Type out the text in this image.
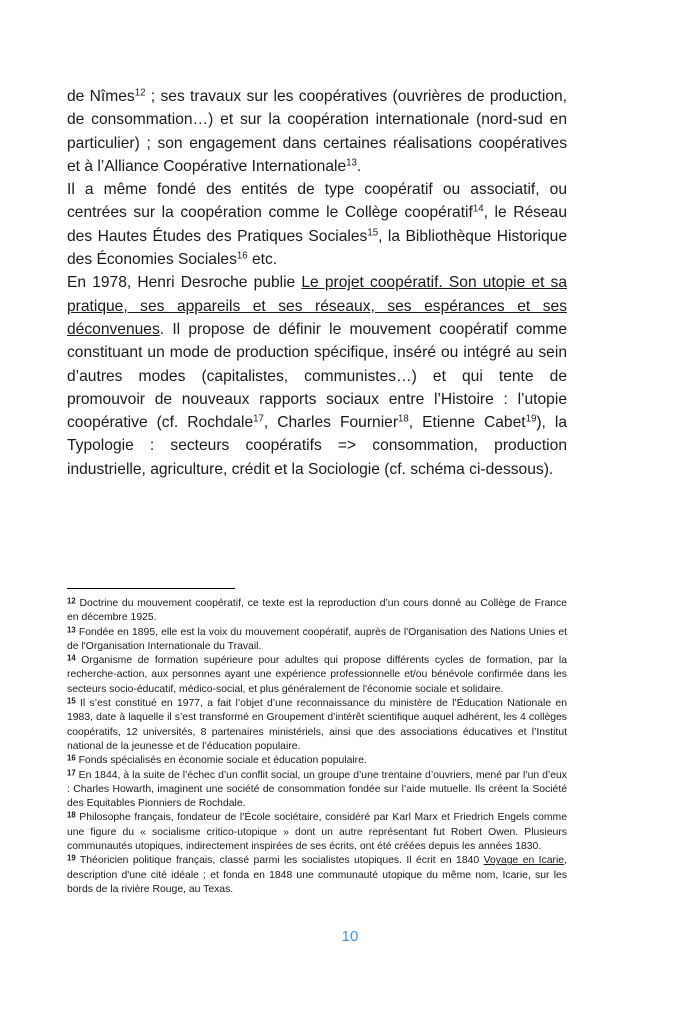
de Nîmes$^{12}$ ; ses travaux sur les coopératives (ouvrières de production, de consommation…) et sur la coopération internationale (nord-sud en particulier) ; son engagement dans certaines réalisations coopératives et à l’Alliance Coopérative Internationale$^{13}$.

Il a même fondé des entités de type coopératif ou associatif, ou centrées sur la coopération comme le Collège coopératif$^{14}$, le Réseau des Hautes Études des Pratiques Sociales$^{15}$, la Bibliothèque Historique des Économies Sociales$^{16}$ etc.

En 1978, Henri Desroche publie Le projet coopératif. Son utopie et sa pratique, ses appareils et ses réseaux, ses espérances et ses déconvenues. Il propose de définir le mouvement coopératif comme constituant un mode de production spécifique, inséré ou intégré au sein d’autres modes (capitalistes, communistes…) et qui tente de promouvoir de nouveaux rapports sociaux entre l’Histoire : l’utopie coopérative (cf. Rochdale$^{17}$, Charles Fournier$^{18}$, Etienne Cabet$^{19}$), la Typologie : secteurs coopératifs => consommation, production industrielle, agriculture, crédit et la Sociologie (cf. schéma ci-dessous).

$^{12}$ Doctrine du mouvement coopératif, ce texte est la reproduction d’un cours donné au Collège de France en décembre 1925.

$^{13}$ Fondée en 1895, elle est la voix du mouvement coopératif, auprès de l'Organisation des Nations Unies et de l'Organisation Internationale du Travail.

$^{14}$ Organisme de formation supérieure pour adultes qui propose différents cycles de formation, par la recherche-action, aux personnes ayant une expérience professionnelle et/ou bénévole confirmée dans les secteurs socio-éducatif, médico-social, et plus généralement de l'économie sociale et solidaire.

$^{15}$ Il s’est constitué en 1977, a fait l’objet d’une reconnaissance du ministère de l’Éducation Nationale en 1983, date à laquelle il s’est transformé en Groupement d’intérêt scientifique auquel adhérent, les 4 collèges coopératifs, 12 universités, 8 partenaires ministériels, ainsi que des associations éducatives et l’Institut national de la jeunesse et de l’éducation populaire.

$^{16}$ Fonds spécialisés en économie sociale et éducation populaire.

$^{17}$ En 1844, à la suite de l’échec d’un conflit social, un groupe d’une trentaine d’ouvriers, mené par l’un d’eux : Charles Howarth, imaginent une société de consommation fondée sur l’aide mutuelle. Ils créent la Société des Equitables Pionniers de Rochdale.

$^{18}$ Philosophe français, fondateur de l’École sociétaire, considéré par Karl Marx et Friedrich Engels comme une figure du « socialisme critico-utopique » dont un autre représentant fut Robert Owen. Plusieurs communautés utopiques, indirectement inspirées de ses écrits, ont été créées depuis les années 1830.

$^{19}$ Théoricien politique français, classé parmi les socialistes utopiques. Il écrit en 1840 Voyage en Icarie, description d'une cité idéale ; et fonda en 1848 une communauté utopique du même nom, Icarie, sur les bords de la rivière Rouge, au Texas.

10
